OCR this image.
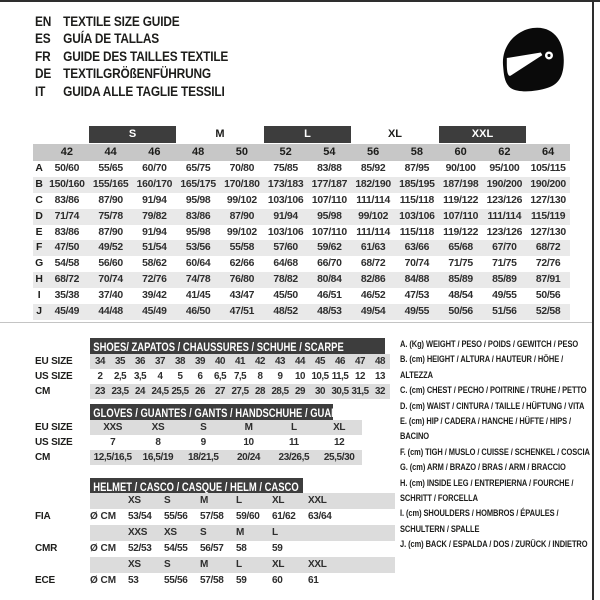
EN TEXTILE SIZE GUIDE
ES GUÍA DE TALLAS
FR GUIDE DES TAILLES TEXTILE
DE TEXTILGRÖßENFÜHRUNG
IT	GUIDA ALLE TAGLIE TESSILI
S	M	L	XL	XXL
42	44	46	48	50	52	54	56	58	60	62	64
A	50/60	55/65	60/70	65/75	70/80	75/85	83/88	85/92	87/95	90/100	95/100	105/115
B 150/160 155/165 160/170 165/175 170/180 173/183 177/187 182/190 185/195 187/198 190/200 190/200
C	83/86	87/90	91/94	95/98	99/102	103/106 107/110 111/114 115/118 119/122 123/126 127/130
D	71/74	75/78	79/82	83/86	87/90	91/94	95/98	99/102	103/106 107/110 111/114 115/119
E	83/86	87/90	91/94	95/98	99/102	103/106 107/110 111/114 115/118 119/122 123/126 127/130
F	47/50	49/52	51/54	53/56	55/58	57/60	59/62	61/63	63/66	65/68	67/70	68/72
G	54/58	56/60	58/62	60/64	62/66	64/68	66/70	68/72	70/74	71/75	71/75	72/76
H	68/72	70/74	72/76	74/78	76/80	78/82	80/84	82/86	84/88	85/89	85/89	87/91
I	35/38	37/40	39/42	41/45	43/47	45/50	46/51	46/52	47/53	48/54	49/55	50/56
J	45/49	44/48	45/49	46/50	47/51	48/52	48/53	49/54	49/55	50/56	51/56	52/58
SHOES/ ZAPATOS / CHAUSSURES / SCHUHE / SCARPE
EU SIZE	34	35	36	37	38	39	40	41	42	43	44	45	46	47	48
US SIZE	2	2,5 3,5	4	5	6	6,5 7,5	8	9	10 10,5 11,5 12	13
CM	23 23,5 24 24,5 25,5 26	27 27,5 28 28,5 29	30 30,5 31,5 32
GLOVES / GUANTES / GANTS / HANDSCHUHE / GUANTI
EU SIZE	XXS	XS	S	M	L	XL
US SIZE	7	8	9	10	11	12
CM	12,5/16,5	16,5/19	18/21,5	20/24	23/26,5	25,5/30
HELMET / CASCO / CASQUE / HELM / CASCO
XS	S	M	L	XL	XXL
FIA	Ø CM	53/54	55/56	57/58	59/60	61/62	63/64
XXS	XS	S	M	L
CMR	Ø CM	52/53	54/55	56/57	58	59
XS	S	M	L	XL	XXL
ECE	Ø CM	53	55/56	57/58	59	60	61
A. (Kg) WEIGHT / PESO / POIDS / GEWITCH / PESO
B. (cm) HEIGHT / ALTURA / HAUTEUR / HÖHE / ALTEZZA
C. (cm) CHEST / PECHO / POITRINE / TRUHE / PETTO
D. (cm) WAIST / CINTURA / TAILLE / HÜFTUNG / VITA
E. (cm) HIP / CADERA / HANCHE / HÜFTE / HIPS / BACINO
F. (cm) TIGH / MUSLO / CUISSE / SCHENKEL / COSCIA
G. (cm) ARM / BRAZO / BRAS / ARM / BRACCIO
H. (cm) INSIDE LEG / ENTREPIERNA / FOURCHE / SCHRITT / FORCELLA
I. (cm) SHOULDERS / HOMBROS / ÉPAULES / SCHULTERN / SPALLE
J. (cm) BACK / ESPALDA / DOS / ZURÜCK / INDIETRO
